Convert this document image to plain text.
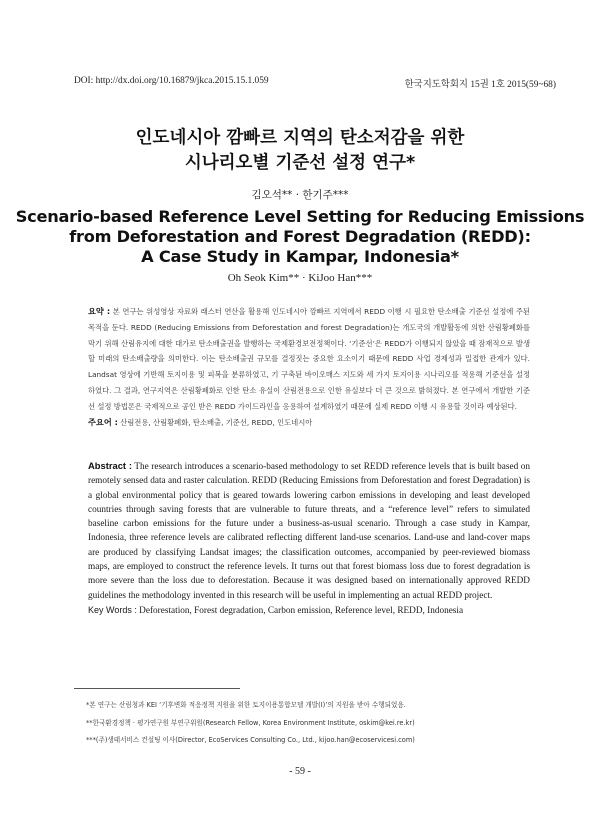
DOI: http://dx.doi.org/10.16879/jkca.2015.15.1.059	한국지도학회지 15권 1호 2015(59~68)
인도네시아 깜빠르 지역의 탄소저감을 위한
시나리오별 기준선 설정 연구*
김오석** · 한기주***
Scenario-based Reference Level Setting for Reducing Emissions
from Deforestation and Forest Degradation (REDD):
A Case Study in Kampar, Indonesia*
Oh Seok Kim** · KiJoo Han***
요약 : 본 연구는 위성영상 자료와 래스터 연산을 활용해 인도네시아 깜빠르 지역에서 REDD 이행 시 필요한 탄소배출 기준선 설정에 주된 목적을 둔다. REDD (Reducing Emissions from Deforestation and forest Degradation)는 개도국의 개발활동에 의한 산림황폐화를 막기 위해 산림유지에 대한 대가로 탄소배출권을 발행하는 국제환경보전정책이다. ‘기준선’은 REDD가 이행되지 않았을 때 잠재적으로 발생할 미래의 탄소배출량을 의미한다. 이는 탄소배출권 규모를 결정짓는 중요한 요소이기 때문에 REDD 사업 경제성과 밀접한 관계가 있다. Landsat 영상에 기반해 토지이용 및 피복을 분류하였고, 기 구축된 바이오매스 지도와 세 가지 토지이용 시나리오를 적용해 기준선을 설정하였다. 그 결과, 연구지역은 산림황폐화로 인한 탄소 유실이 산림전용으로 인한 유실보다 더 큰 것으로 밝혀졌다. 본 연구에서 개발한 기준선 설정 방법론은 국제적으로 공인 받은 REDD 가이드라인을 응용하여 설계하였기 때문에 실제 REDD 이행 시 유용할 것이라 예상된다.
주요어 : 산림전용, 산림황폐화, 탄소배출, 기준선, REDD, 인도네시아
Abstract : The research introduces a scenario-based methodology to set REDD reference levels that is built based on remotely sensed data and raster calculation. REDD (Reducing Emissions from Deforestation and forest Degradation) is a global environmental policy that is geared towards lowering carbon emissions in developing and least developed countries through saving forests that are vulnerable to future threats, and a “reference level” refers to simulated baseline carbon emissions for the future under a business-as-usual scenario. Through a case study in Kampar, Indonesia, three reference levels are calibrated reflecting different land-use scenarios. Land-use and land-cover maps are produced by classifying Landsat images; the classification outcomes, accompanied by peer-reviewed biomass maps, are employed to construct the reference levels. It turns out that forest biomass loss due to forest degradation is more severe than the loss due to deforestation. Because it was designed based on internationally approved REDD guidelines the methodology invented in this research will be useful in implementing an actual REDD project.
Key Words : Deforestation, Forest degradation, Carbon emission, Reference level, REDD, Indonesia
*본 연구는 산림청과 KEI ‘기후변화 적응정책 지원을 위한 토지이용통합모델 개발(I)’의 지원을 받아 수행되었음.
**한국환경정책 · 평가연구원 부연구위원(Research Fellow, Korea Environment Institute, oskim@kei.re.kr)
***(주)생태서비스 컨설팅 이사(Director, EcoServices Consulting Co., Ltd., kijoo.han@ecoservicesi.com)
- 59 -
